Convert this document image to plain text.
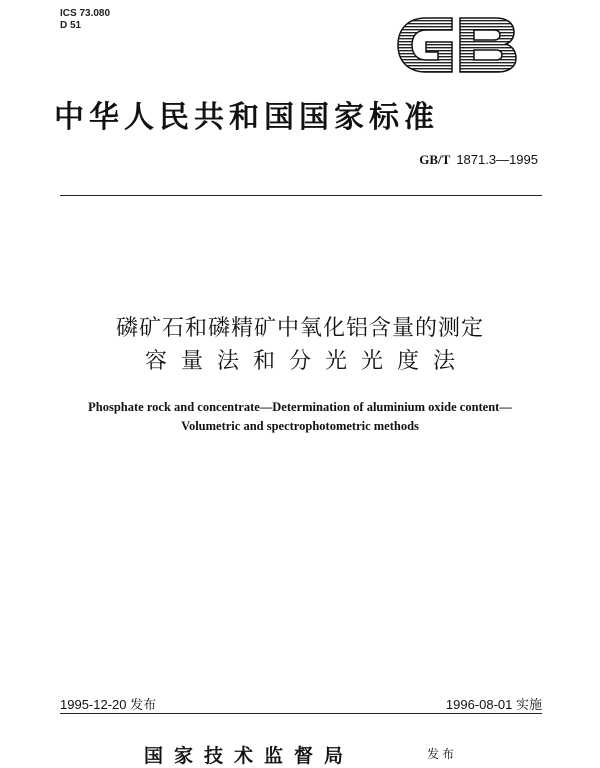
ICS 73.080
D 51
GB
中华人民共和国国家标准
GB/T 1871.3—1995
磷矿石和磷精矿中氧化铝含量的测定
容量法和分光光度法
Phosphate rock and concentrate—Determination of aluminium oxide content—
Volumetric and spectrophotometric methods
1995-12-20 发布	1996-08-01 实施
国家技术监督局	发布
